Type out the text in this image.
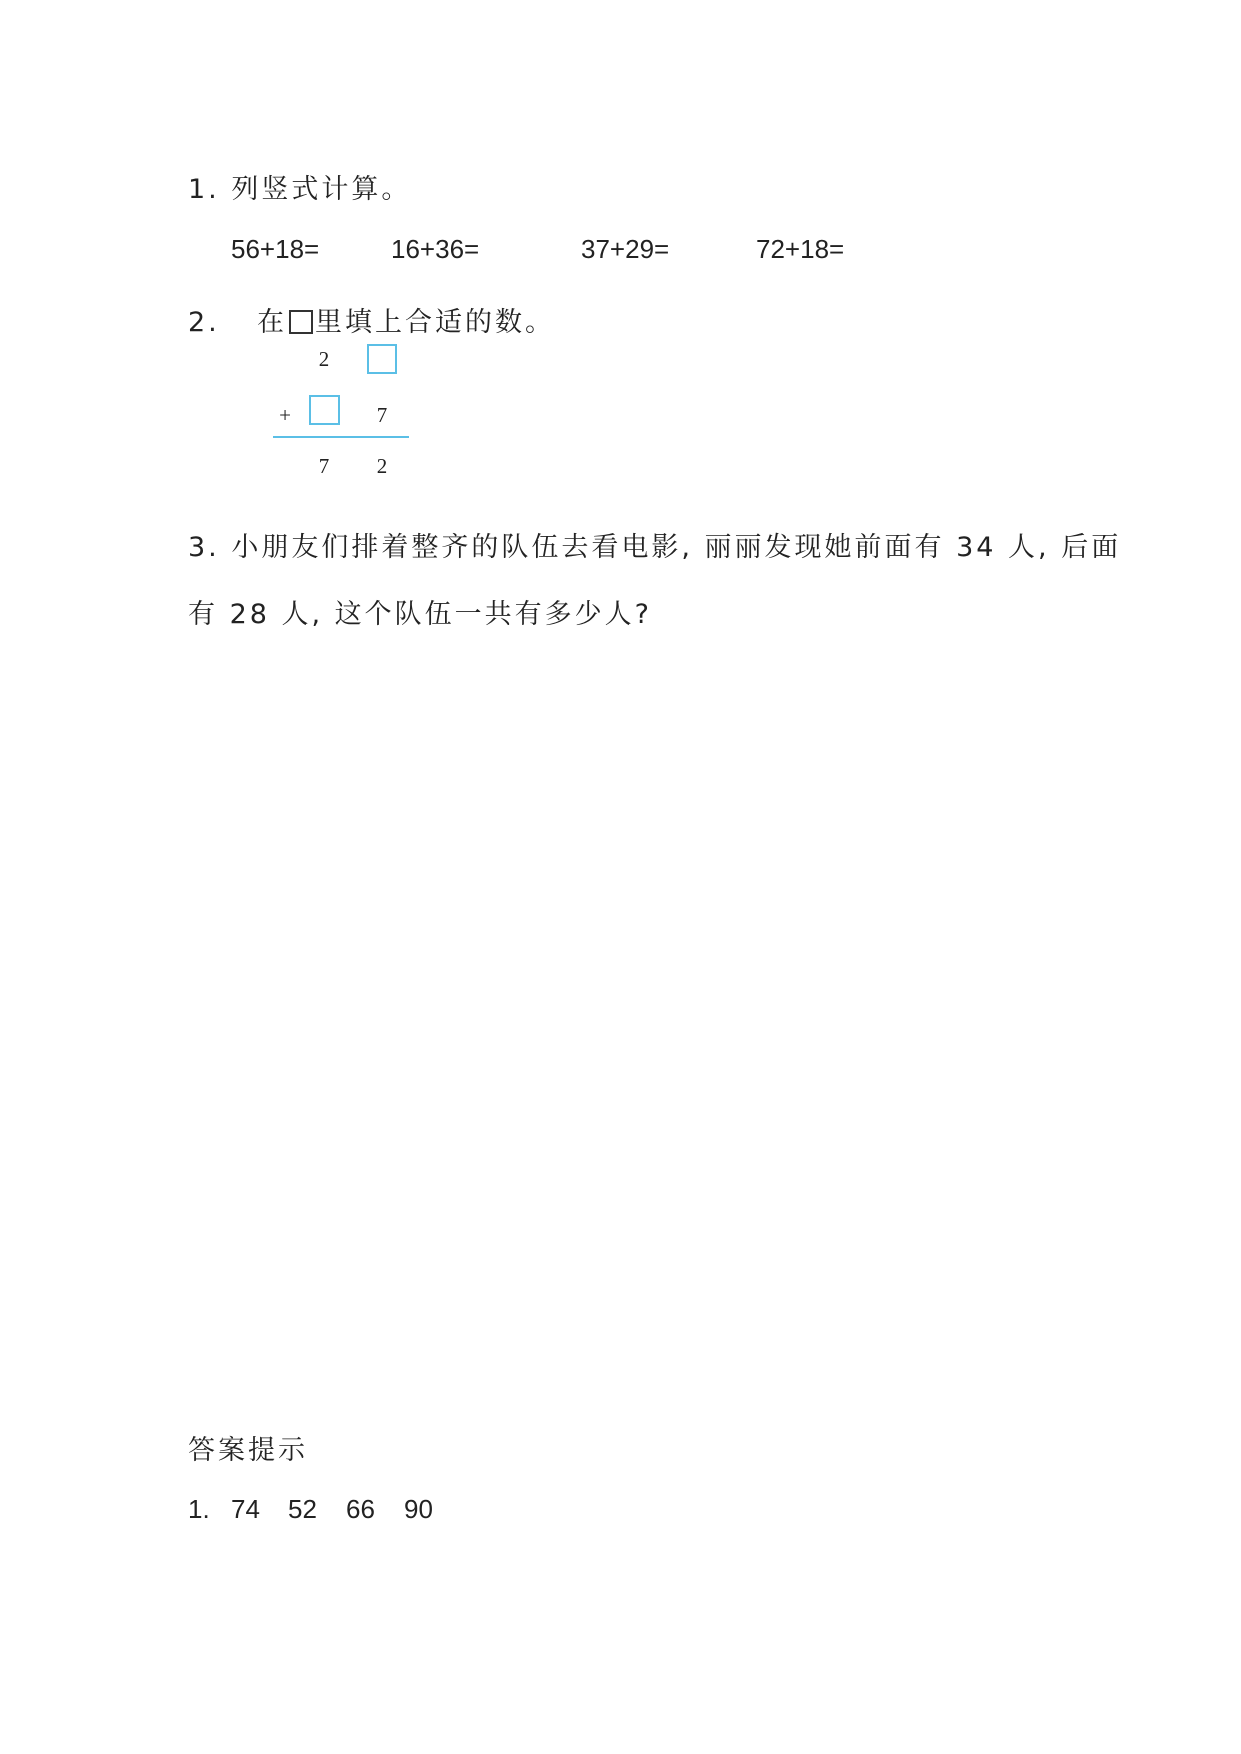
1. 列竖式计算。
56+18=	16+36=	37+29=	72+18=
2. 在 里填上合适的数。
2
+	7
7 2
3. 小朋友们排着整齐的队伍去看电影, 丽丽发现她前面有 34 人, 后面
有 28 人, 这个队伍一共有多少人?
答案提示
1. 74 52 66 90
